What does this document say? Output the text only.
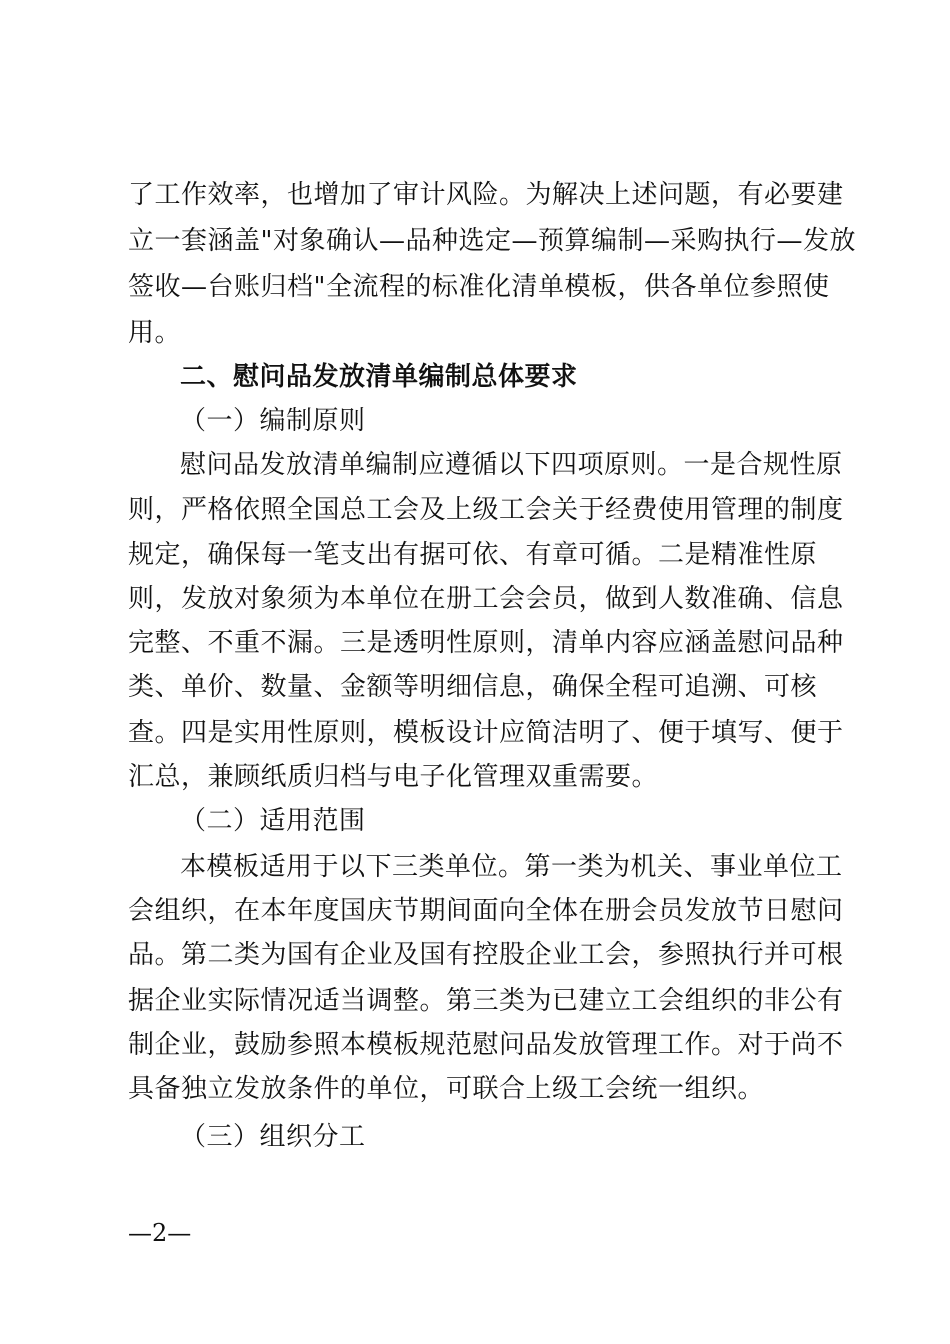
了工作效率，也增加了审计风险。为解决上述问题，有必要建
立一套涵盖"对象确认—品种选定—预算编制—采购执行—发放
签收—台账归档"全流程的标准化清单模板，供各单位参照使
用。
二、慰问品发放清单编制总体要求
（一）编制原则
慰问品发放清单编制应遵循以下四项原则。一是合规性原
则，严格依照全国总工会及上级工会关于经费使用管理的制度
规定，确保每一笔支出有据可依、有章可循。二是精准性原
则，发放对象须为本单位在册工会会员，做到人数准确、信息
完整、不重不漏。三是透明性原则，清单内容应涵盖慰问品种
类、单价、数量、金额等明细信息，确保全程可追溯、可核
查。四是实用性原则，模板设计应简洁明了、便于填写、便于
汇总，兼顾纸质归档与电子化管理双重需要。
（二）适用范围
本模板适用于以下三类单位。第一类为机关、事业单位工
会组织，在本年度国庆节期间面向全体在册会员发放节日慰问
品。第二类为国有企业及国有控股企业工会，参照执行并可根
据企业实际情况适当调整。第三类为已建立工会组织的非公有
制企业，鼓励参照本模板规范慰问品发放管理工作。对于尚不
具备独立发放条件的单位，可联合上级工会统一组织。
（三）组织分工
—2—
